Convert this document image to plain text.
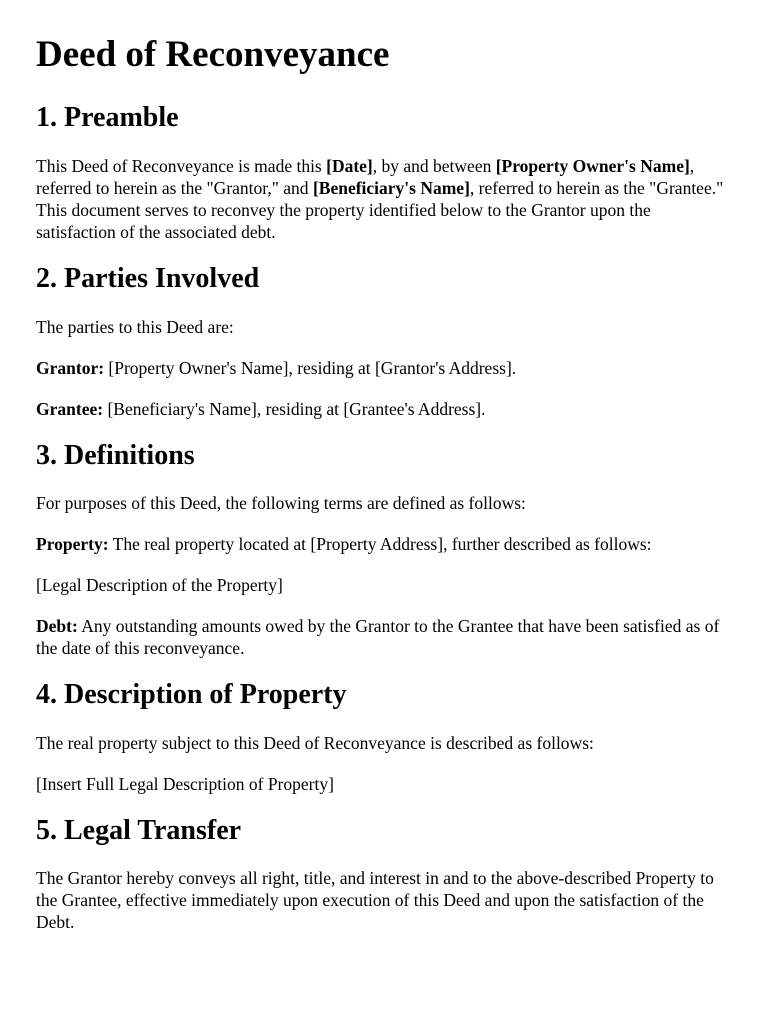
Deed of Reconveyance
1. Preamble

This Deed of Reconveyance is made this [Date], by and between [Property Owner's Name], referred to herein as the "Grantor," and [Beneficiary's Name], referred to herein as the "Grantee." This document serves to reconvey the property identified below to the Grantor upon the satisfaction of the associated debt.

2. Parties Involved

The parties to this Deed are:

Grantor: [Property Owner's Name], residing at [Grantor's Address].

Grantee: [Beneficiary's Name], residing at [Grantee's Address].

3. Definitions

For purposes of this Deed, the following terms are defined as follows:

Property: The real property located at [Property Address], further described as follows:

[Legal Description of the Property]

Debt: Any outstanding amounts owed by the Grantor to the Grantee that have been satisfied as of the date of this reconveyance.

4. Description of Property

The real property subject to this Deed of Reconveyance is described as follows:

[Insert Full Legal Description of Property]

5. Legal Transfer

The Grantor hereby conveys all right, title, and interest in and to the above-described Property to the Grantee, effective immediately upon execution of this Deed and upon the satisfaction of the Debt.
